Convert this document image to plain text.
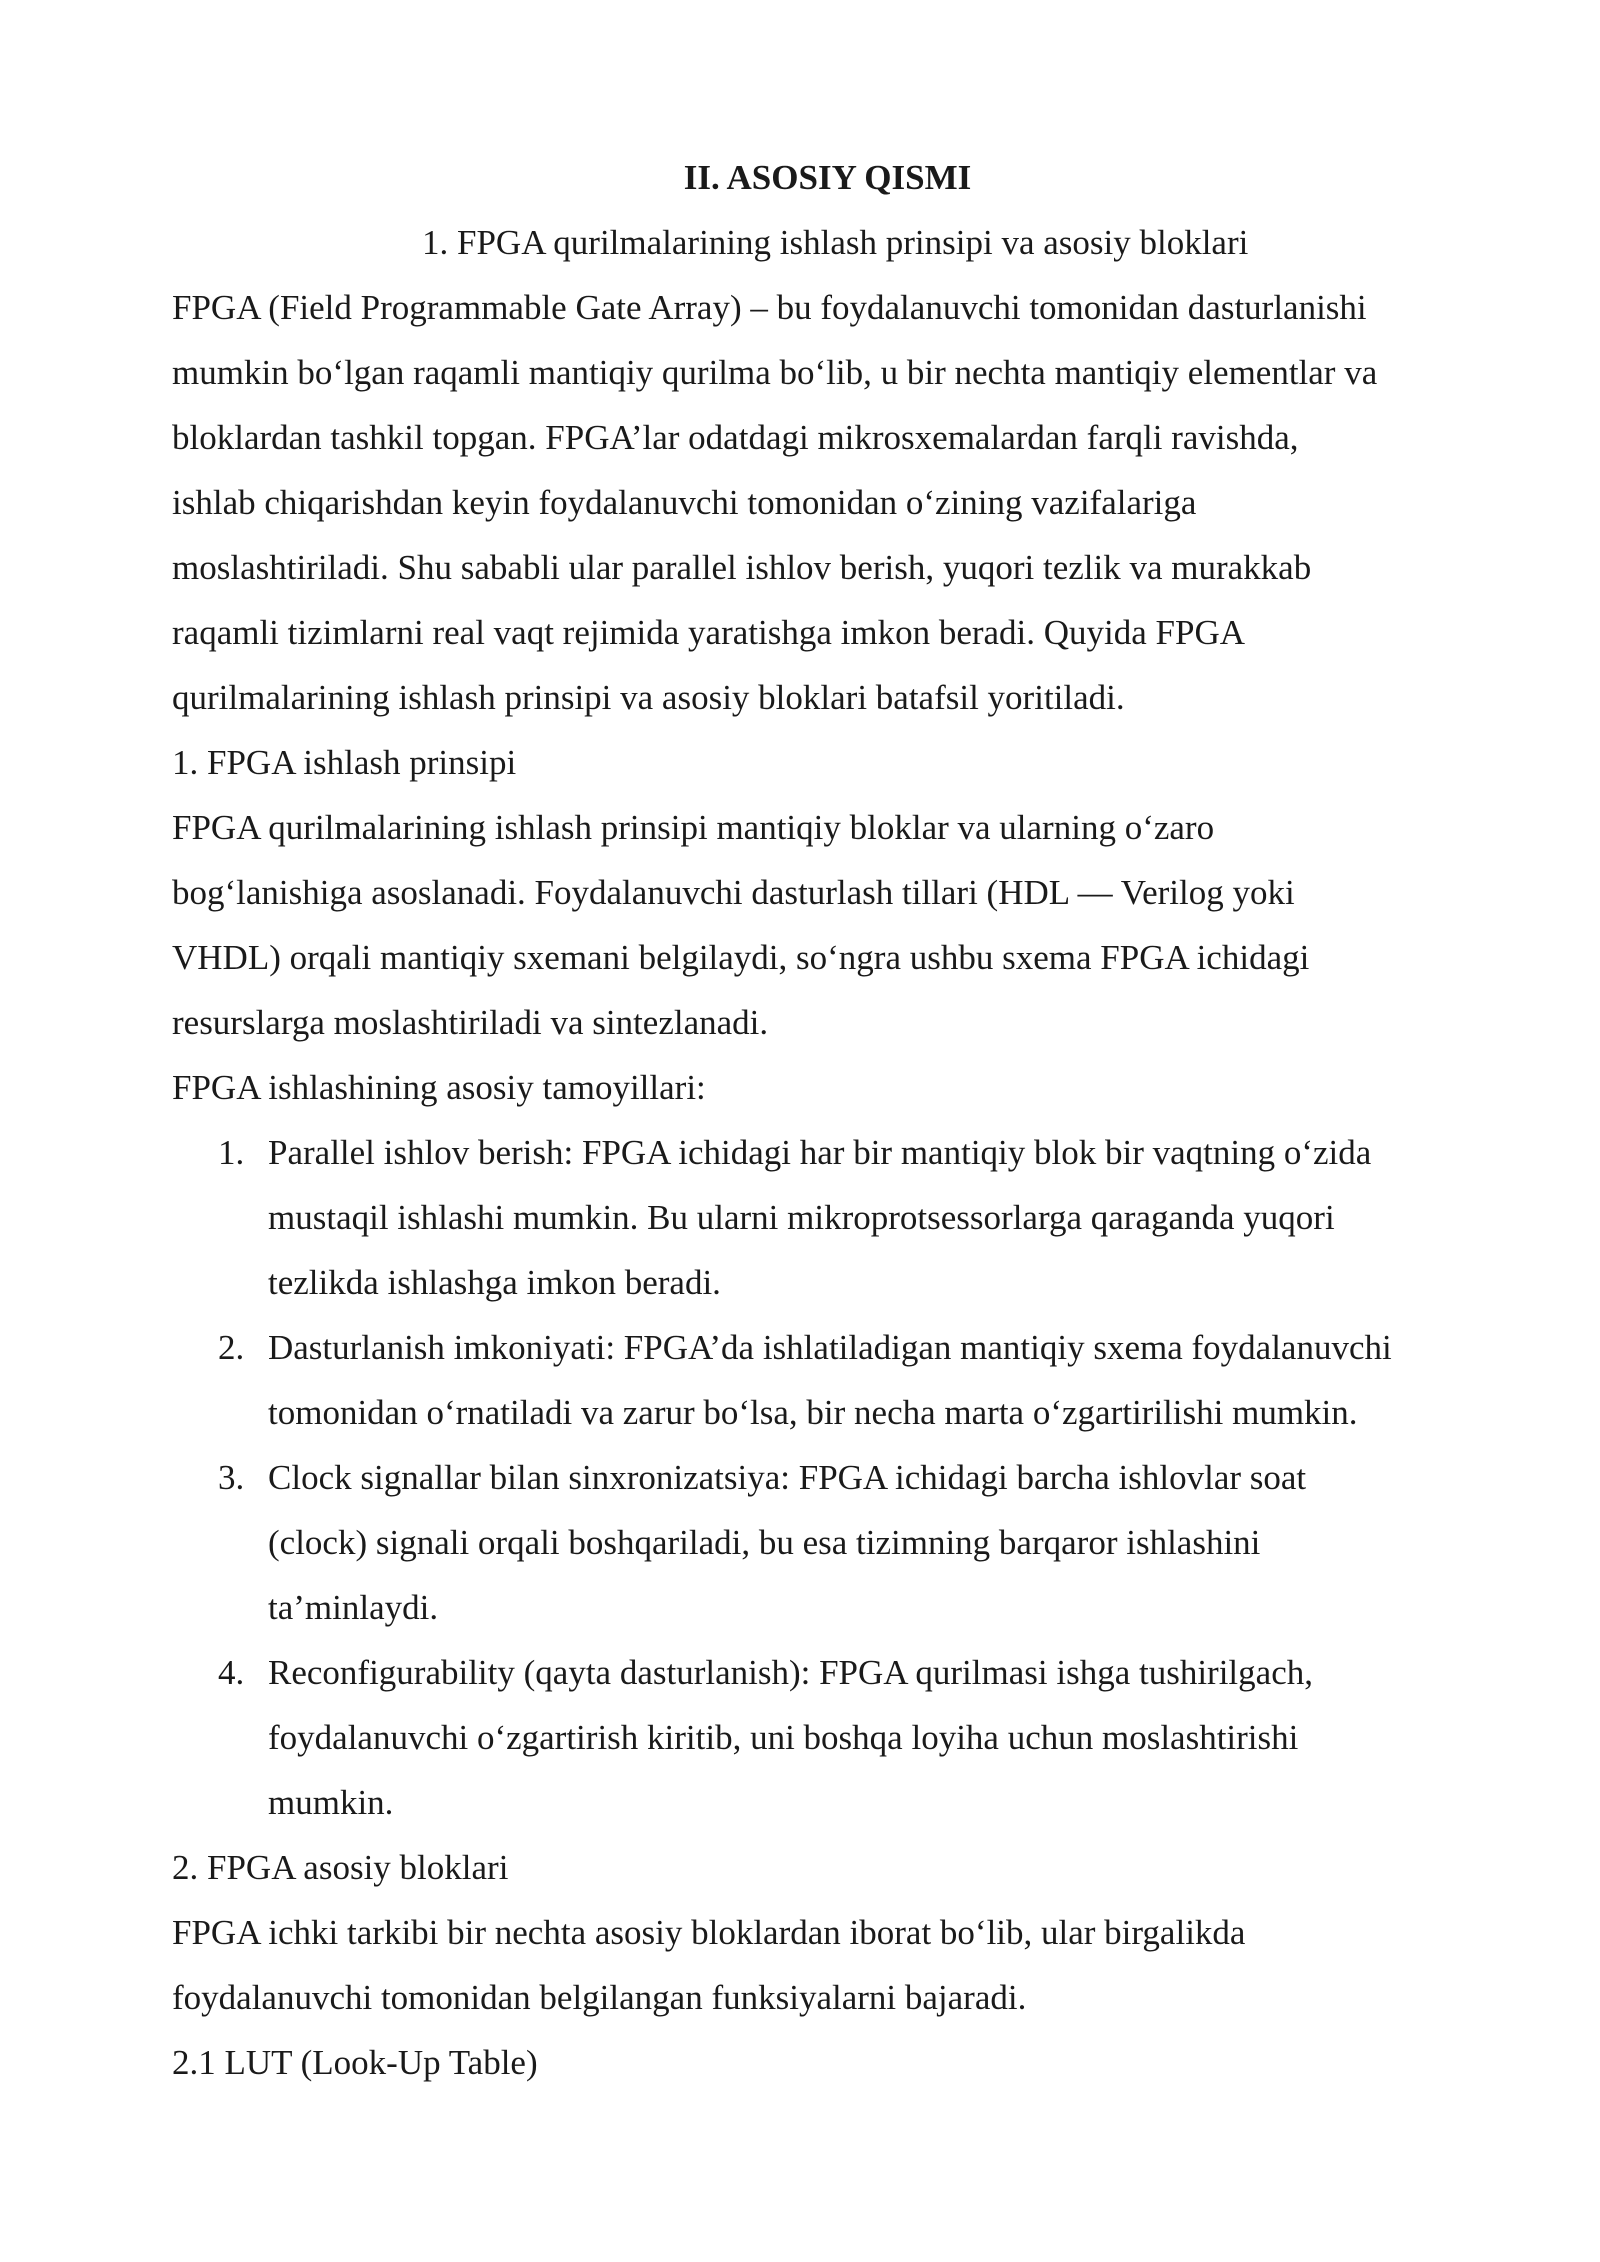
II. ASOSIY QISMI
1. FPGA qurilmalarining ishlash prinsipi va asosiy bloklari
FPGA (Field Programmable Gate Array) – bu foydalanuvchi tomonidan dasturlanishi
mumkin bo‘lgan raqamli mantiqiy qurilma bo‘lib, u bir nechta mantiqiy elementlar va
bloklardan tashkil topgan. FPGA’lar odatdagi mikrosxemalardan farqli ravishda,
ishlab chiqarishdan keyin foydalanuvchi tomonidan o‘zining vazifalariga
moslashtiriladi. Shu sababli ular parallel ishlov berish, yuqori tezlik va murakkab
raqamli tizimlarni real vaqt rejimida yaratishga imkon beradi. Quyida FPGA
qurilmalarining ishlash prinsipi va asosiy bloklari batafsil yoritiladi.
1. FPGA ishlash prinsipi
FPGA qurilmalarining ishlash prinsipi mantiqiy bloklar va ularning o‘zaro
bog‘lanishiga asoslanadi. Foydalanuvchi dasturlash tillari (HDL — Verilog yoki
VHDL) orqali mantiqiy sxemani belgilaydi, so‘ngra ushbu sxema FPGA ichidagi
resurslarga moslashtiriladi va sintezlanadi.
FPGA ishlashining asosiy tamoyillari:
1. Parallel ishlov berish: FPGA ichidagi har bir mantiqiy blok bir vaqtning o‘zida
mustaqil ishlashi mumkin. Bu ularni mikroprotsessorlarga qaraganda yuqori
tezlikda ishlashga imkon beradi.
2. Dasturlanish imkoniyati: FPGA’da ishlatiladigan mantiqiy sxema foydalanuvchi
tomonidan o‘rnatiladi va zarur bo‘lsa, bir necha marta o‘zgartirilishi mumkin.
3. Clock signallar bilan sinxronizatsiya: FPGA ichidagi barcha ishlovlar soat
(clock) signali orqali boshqariladi, bu esa tizimning barqaror ishlashini
ta’minlaydi.
4. Reconfigurability (qayta dasturlanish): FPGA qurilmasi ishga tushirilgach,
foydalanuvchi o‘zgartirish kiritib, uni boshqa loyiha uchun moslashtirishi
mumkin.
2. FPGA asosiy bloklari
FPGA ichki tarkibi bir nechta asosiy bloklardan iborat bo‘lib, ular birgalikda
foydalanuvchi tomonidan belgilangan funksiyalarni bajaradi.
2.1 LUT (Look-Up Table)
